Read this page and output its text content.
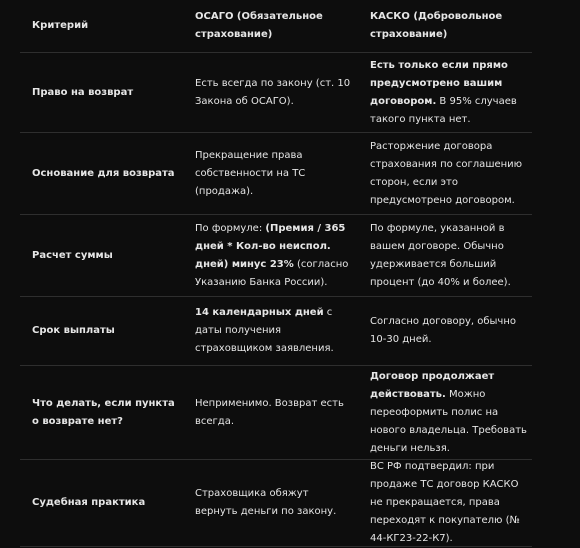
Критерий
ОСАГО (Обязательное страхование)
КАСКО (Добровольное страхование)
Право на возврат
Есть всегда по закону (ст. 10 Закона об ОСАГО).
Есть только если прямо предусмотрено вашим договором. В 95% случаев такого пункта нет.
Основание для возврата
Прекращение права собственности на ТС (продажа).
Расторжение договора страхования по соглашению сторон, если это предусмотрено договором.
Расчет суммы
По формуле: (Премия / 365 дней * Кол-во неиспол. дней) минус 23% (согласно Указанию Банка России).
По формуле, указанной в вашем договоре. Обычно удерживается больший процент (до 40% и более).
Срок выплаты
14 календарных дней с даты получения страховщиком заявления.
Согласно договору, обычно 10-30 дней.
Что делать, если пункта о возврате нет?
Неприменимо. Возврат есть всегда.
Договор продолжает действовать. Можно переоформить полис на нового владельца. Требовать деньги нельзя.
Судебная практика
Страховщика обяжут вернуть деньги по закону.
ВС РФ подтвердил: при продаже ТС договор КАСКО не прекращается, права переходят к покупателю (№ 44-КГ23-22-К7).
